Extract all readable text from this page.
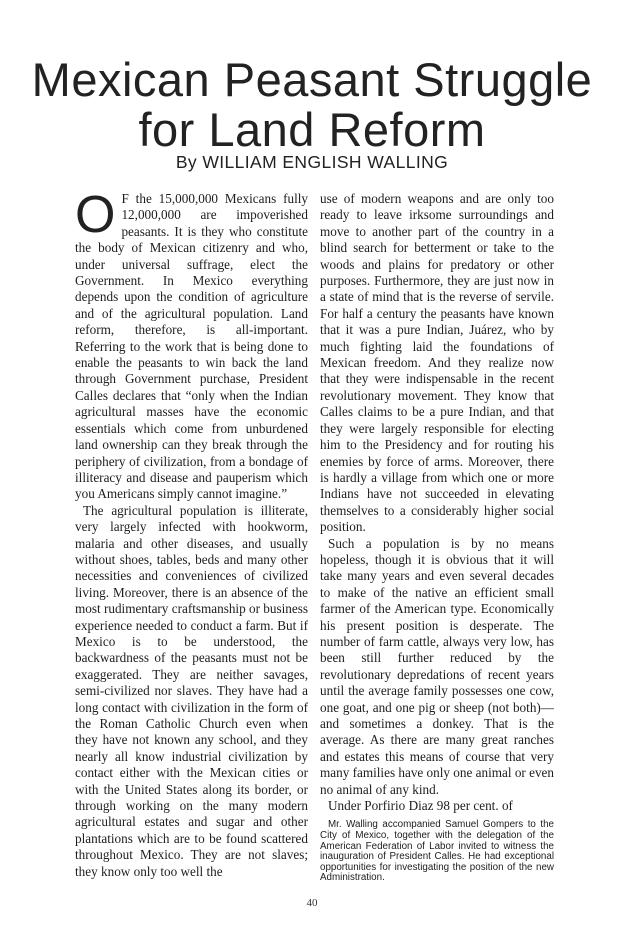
Mexican Peasant Struggle
for Land Reform
By WILLIAM ENGLISH WALLING

O F the 15,000,000 Mexicans fully 12,000,000 are impoverished peasants. It is they who constitute the body of Mexican citizenry and who, under universal suffrage, elect the Government. In Mexico everything depends upon the condition of agriculture and of the agricultural population. Land reform, therefore, is all-important. Referring to the work that is being done to enable the peasants to win back the land through Government purchase, President Calles declares that “only when the Indian agricultural masses have the economic essentials which come from unburdened land ownership can they break through the periphery of civilization, from a bondage of illiteracy and disease and pauperism which you Americans simply cannot imagine.”

The agricultural population is illiterate, very largely infected with hookworm, malaria and other diseases, and usually without shoes, tables, beds and many other necessities and conveniences of civilized living. Moreover, there is an absence of the most rudimentary craftsmanship or business experience needed to conduct a farm. But if Mexico is to be understood, the backwardness of the peasants must not be exaggerated. They are neither savages, semi-civilized nor slaves. They have had a long contact with civilization in the form of the Roman Catholic Church even when they have not known any school, and they nearly all know industrial civilization by contact either with the Mexican cities or with the United States along its border, or through working on the many modern agricultural estates and sugar and other plantations which are to be found scattered throughout Mexico. They are not slaves; they know only too well the

use of modern weapons and are only too ready to leave irksome surroundings and move to another part of the country in a blind search for betterment or take to the woods and plains for predatory or other purposes. Furthermore, they are just now in a state of mind that is the reverse of servile. For half a century the peasants have known that it was a pure Indian, Juárez, who by much fighting laid the foundations of Mexican freedom. And they realize now that they were indispensable in the recent revolutionary movement. They know that Calles claims to be a pure Indian, and that they were largely responsible for electing him to the Presidency and for routing his enemies by force of arms. Moreover, there is hardly a village from which one or more Indians have not succeeded in elevating themselves to a considerably higher social position.

Such a population is by no means hopeless, though it is obvious that it will take many years and even several decades to make of the native an efficient small farmer of the American type. Economically his present position is desperate. The number of farm cattle, always very low, has been still further reduced by the revolutionary depredations of recent years until the average family possesses one cow, one goat, and one pig or sheep (not both)—and sometimes a donkey. That is the average. As there are many great ranches and estates this means of course that very many families have only one animal or even no animal of any kind.

Under Porfirio Diaz 98 per cent. of

Mr. Walling accompanied Samuel Gompers to the City of Mexico, together with the delegation of the American Federation of Labor invited to witness the inauguration of President Calles. He had exceptional opportunities for investigating the position of the new Administration.
40
